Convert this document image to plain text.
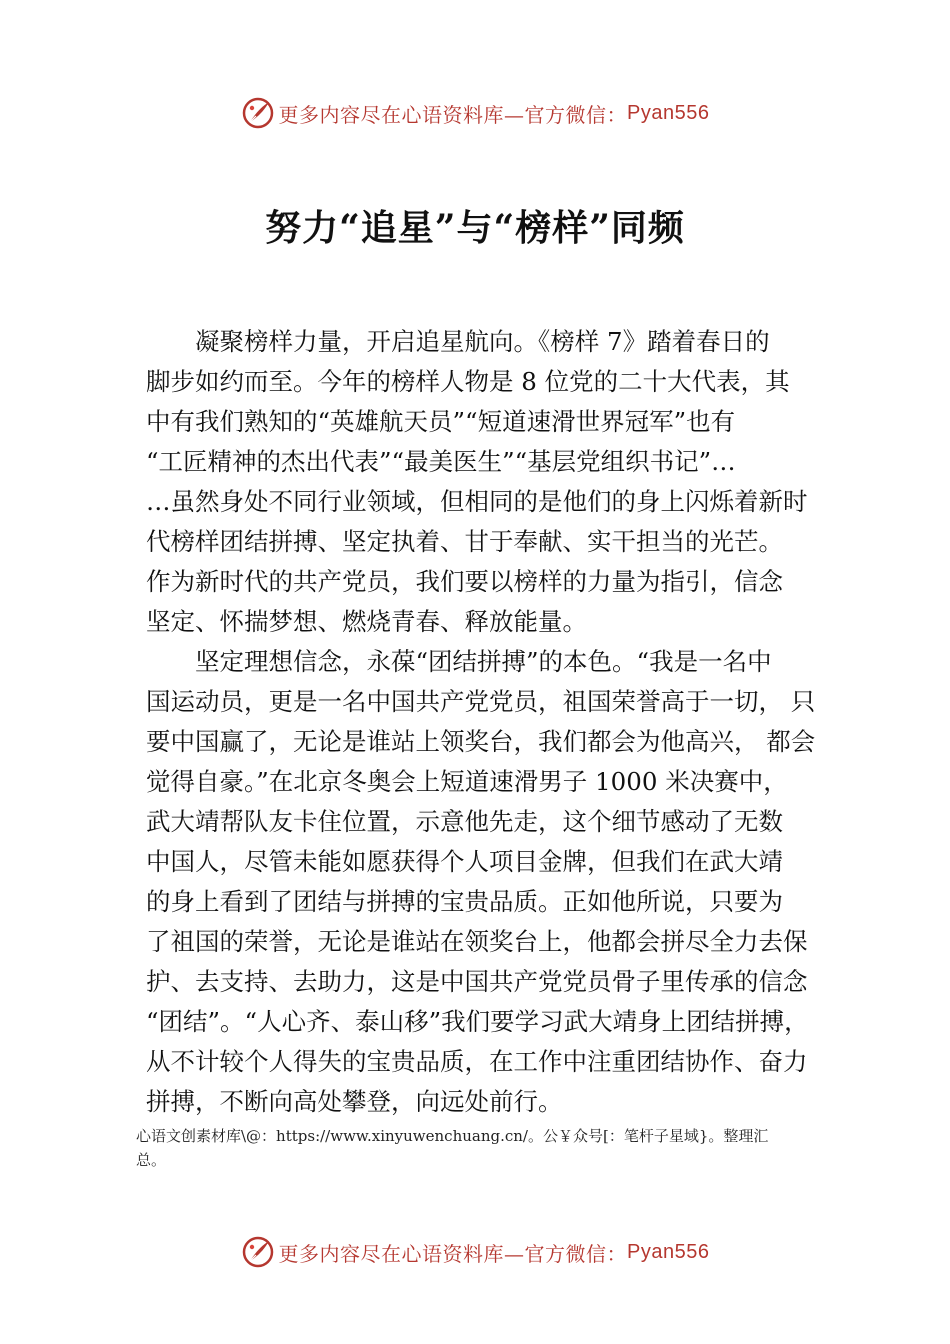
更多内容尽在心语资料库—官方微信： Pyan556
努力“追星”与“榜样”同频
凝聚榜样力量，开启追星航向。《榜样 7》踏着春日的
脚步如约而至。今年的榜样人物是 8 位党的二十大代表，其
中有我们熟知的“英雄航天员”“短道速滑世界冠军”也有
“工匠精神的杰出代表”“最美医生”“基层党组织书记”…
…虽然身处不同行业领域，但相同的是他们的身上闪烁着新时
代榜样团结拼搏、坚定执着、甘于奉献、实干担当的光芒。
作为新时代的共产党员，我们要以榜样的力量为指引，信念
坚定、怀揣梦想、燃烧青春、释放能量。
坚定理想信念，永葆“团结拼搏”的本色。“我是一名中
国运动员，更是一名中国共产党党员，祖国荣誉高于一切， 只
要中国赢了，无论是谁站上领奖台，我们都会为他高兴， 都会
觉得自豪。”在北京冬奥会上短道速滑男子 1000 米决赛中，
武大靖帮队友卡住位置，示意他先走，这个细节感动了无数
中国人，尽管未能如愿获得个人项目金牌，但我们在武大靖
的身上看到了团结与拼搏的宝贵品质。正如他所说，只要为
了祖国的荣誉，无论是谁站在领奖台上，他都会拼尽全力去保
护、去支持、去助力，这是中国共产党党员骨子里传承的信念
“团结”。“人心齐、泰山移”我们要学习武大靖身上团结拼搏，
从不计较个人得失的宝贵品质，在工作中注重团结协作、奋力
拼搏，不断向高处攀登，向远处前行。
心语文创素材库\@：https://www.xinyuwenchuang.cn/。公￥众号[：笔杆子星域}。整理汇
总。
更多内容尽在心语资料库—官方微信： Pyan556
